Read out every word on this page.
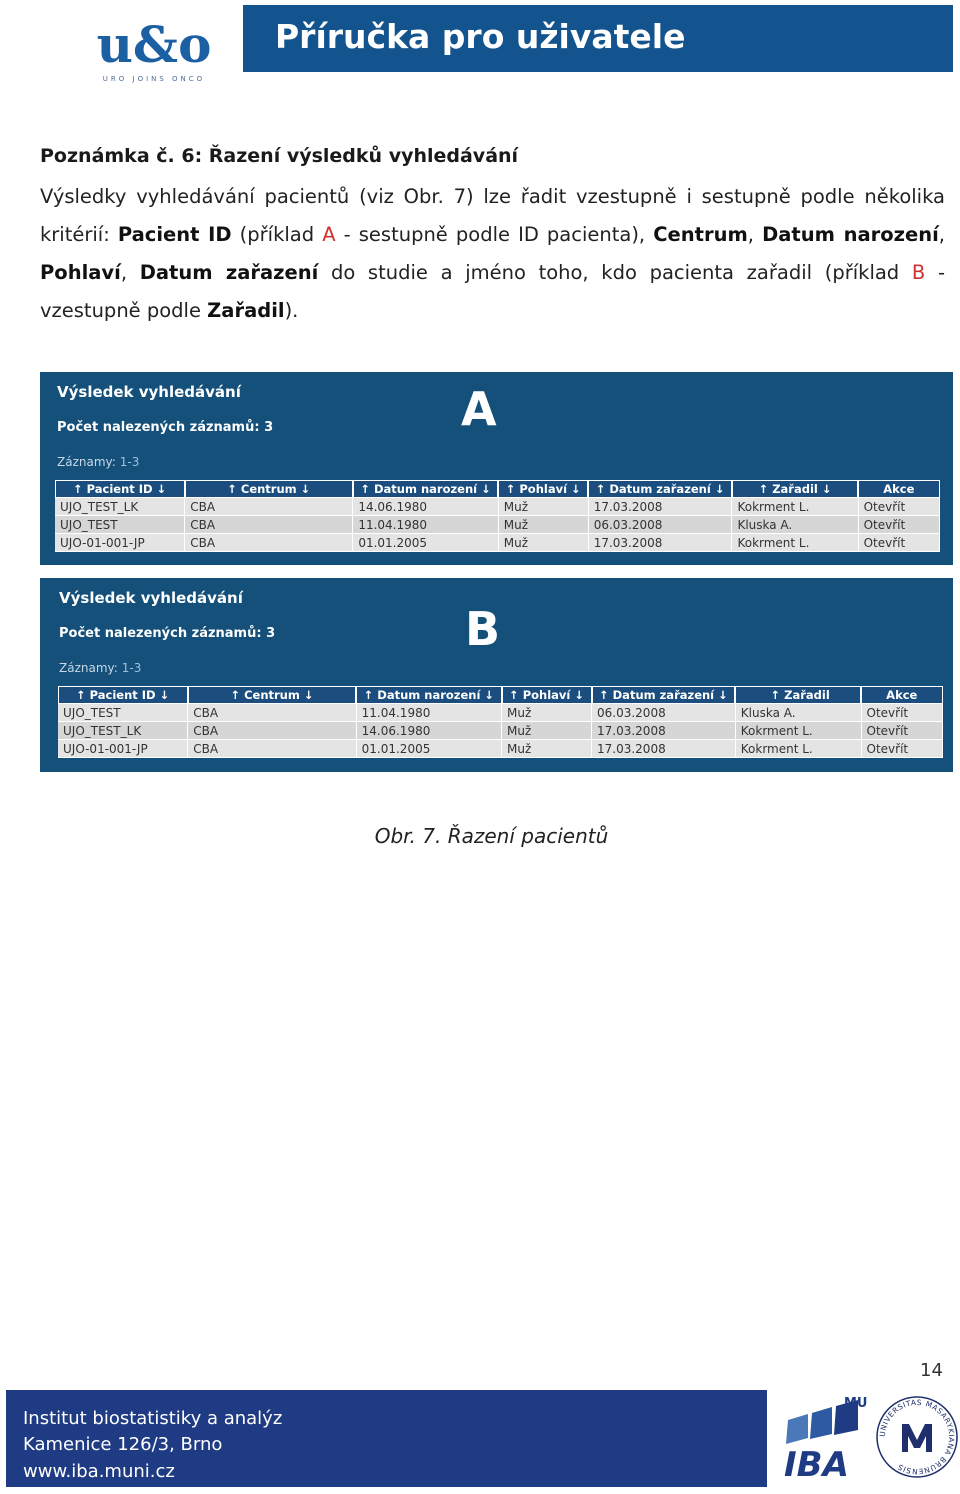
u&o
URO JOINS ONCO
Příručka pro uživatele
Poznámka č. 6: Řazení výsledků vyhledávání
Výsledky vyhledávání pacientů (viz Obr. 7) lze řadit vzestupně i sestupně podle několika kritérií: Pacient ID (příklad A - sestupně podle ID pacienta), Centrum, Datum narození, Pohlaví, Datum zařazení do studie a jméno toho, kdo pacienta zařadil (příklad B - vzestupně podle Zařadil).
Výsledek vyhledávání
Počet nalezených záznamů: 3
Záznamy: 1-3
A
↑ Pacient ID ↓	↑ Centrum ↓	↑ Datum narození ↓	↑ Pohlaví ↓	↑ Datum zařazení ↓	↑ Zařadil ↓	Akce
UJO_TEST_LK	CBA	14.06.1980	Muž	17.03.2008	Kokrment L.	Otevřít
UJO_TEST	CBA	11.04.1980	Muž	06.03.2008	Kluska A.	Otevřít
UJO-01-001-JP	CBA	01.01.2005	Muž	17.03.2008	Kokrment L.	Otevřít
Výsledek vyhledávání
Počet nalezených záznamů: 3
Záznamy: 1-3
B
↑ Pacient ID ↓	↑ Centrum ↓	↑ Datum narození ↓	↑ Pohlaví ↓	↑ Datum zařazení ↓	↑ Zařadil	Akce
UJO_TEST	CBA	11.04.1980	Muž	06.03.2008	Kluska A.	Otevřít
UJO_TEST_LK	CBA	14.06.1980	Muž	17.03.2008	Kokrment L.	Otevřít
UJO-01-001-JP	CBA	01.01.2005	Muž	17.03.2008	Kokrment L.	Otevřít
Obr. 7. Řazení pacientů
14
Institut biostatistiky a analýz
Kamenice 126/3, Brno
www.iba.muni.cz
MU
IBA
UNIVERSITAS MASARYKIANA BRUNENSIS
